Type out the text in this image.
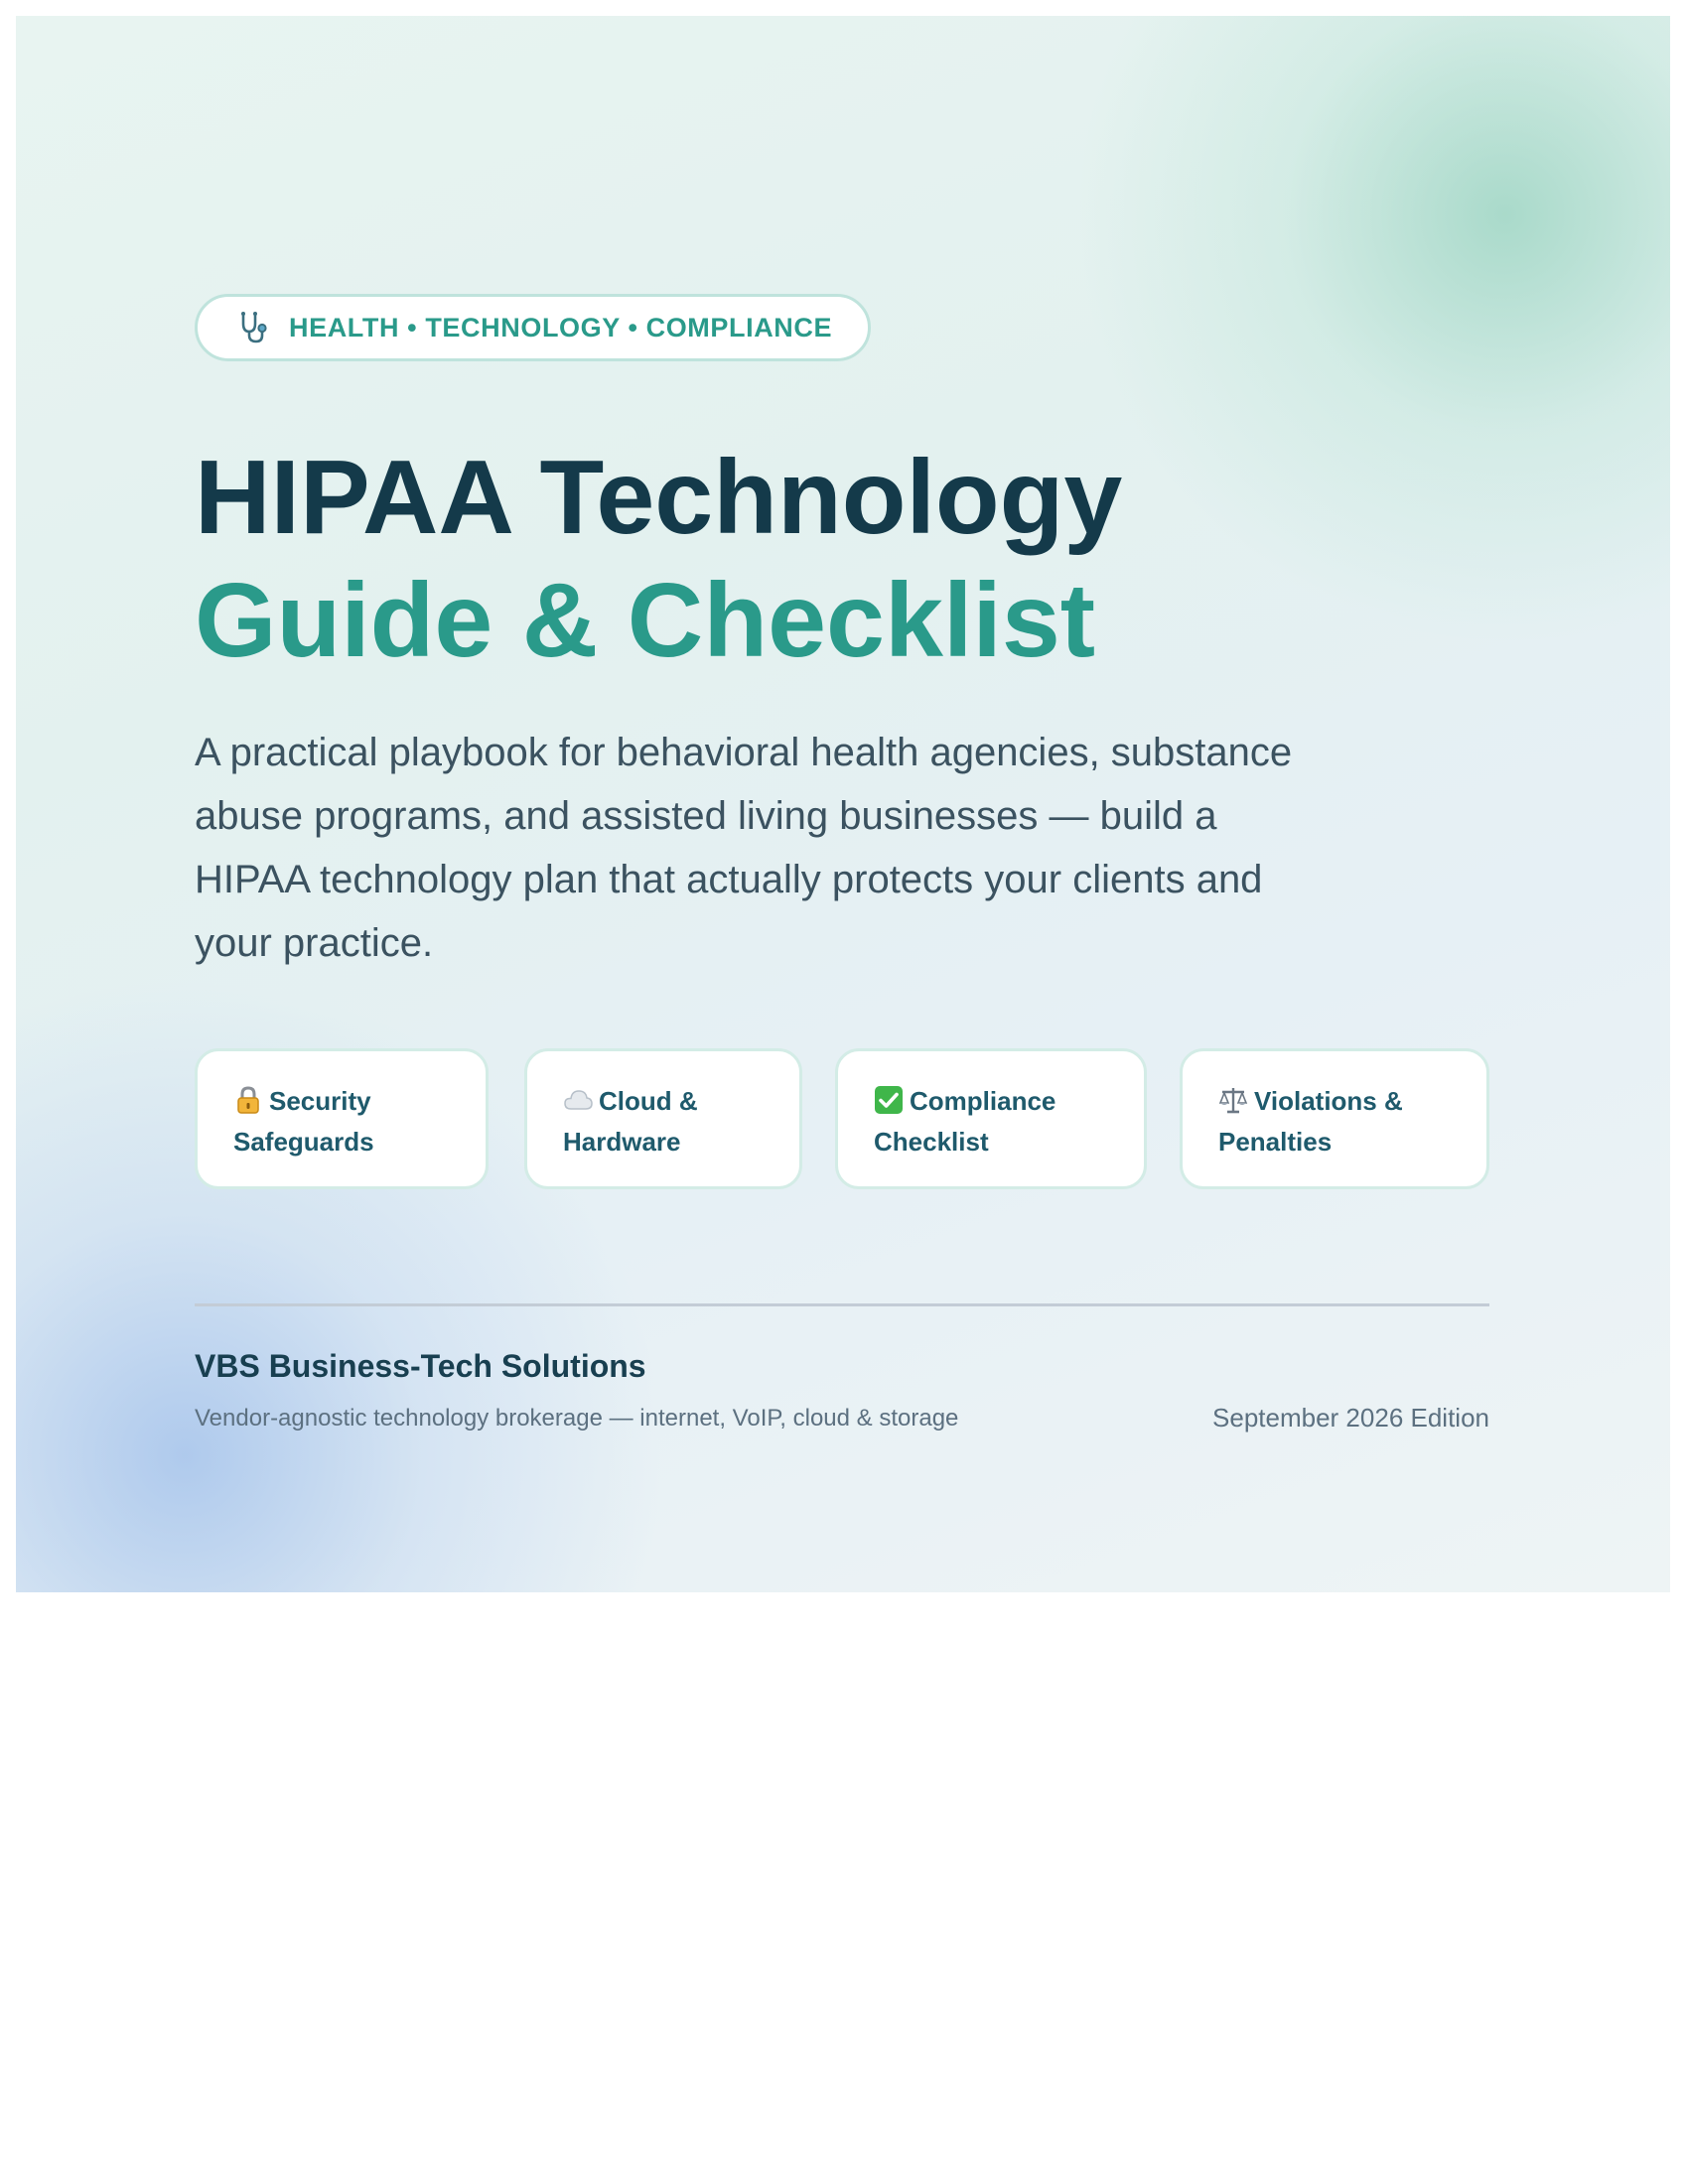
HEALTH • TECHNOLOGY • COMPLIANCE
HIPAA Technology
Guide & Checklist

A practical playbook for behavioral health agencies, substance abuse programs, and assisted living businesses — build a HIPAA technology plan that actually protects your clients and your practice.

Security Safeguards
Cloud & Hardware
Compliance Checklist
Violations & Penalties
VBS Business-Tech Solutions
Vendor-agnostic technology brokerage — internet, VoIP, cloud & storage	September 2026 Edition
